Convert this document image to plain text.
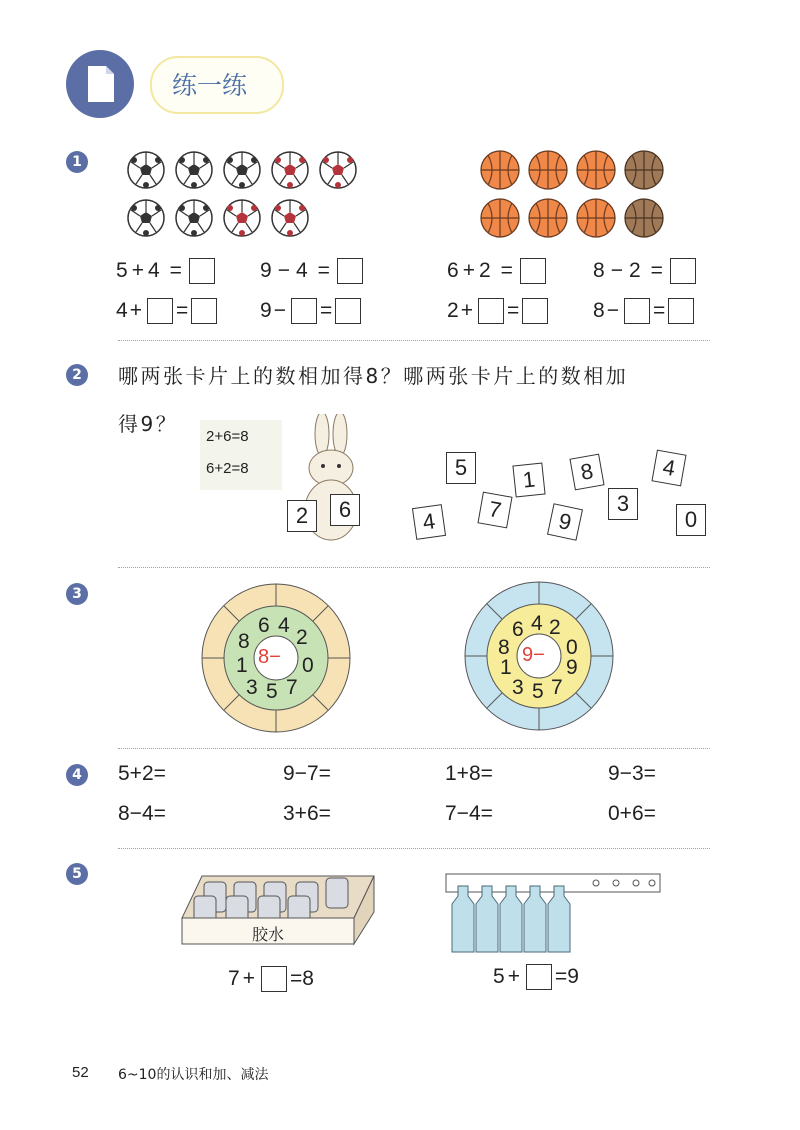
练一练
1
5 + 4 =	9 − 4 =	6 + 2 =	8 − 2 =
4 + =	9 − =	2 + =	8 − =
2	哪两张卡片上的数相加得8？哪两张卡片上的数相加
得9？
2+6=8
6+2=8
2	6
5	1	8	4
4	7	9
3
0
3
8−
6 4
2
8
1	0
3 5 7
9−
6 4 2
8
1
0
9
3 5 7
4 5+2=	9−7=	1+8=	9−3=
8−4=	3+6=	7−4=	0+6=
5
胶水
7 + = 8	5 + = 9
52 6~10的认识和加、减法
